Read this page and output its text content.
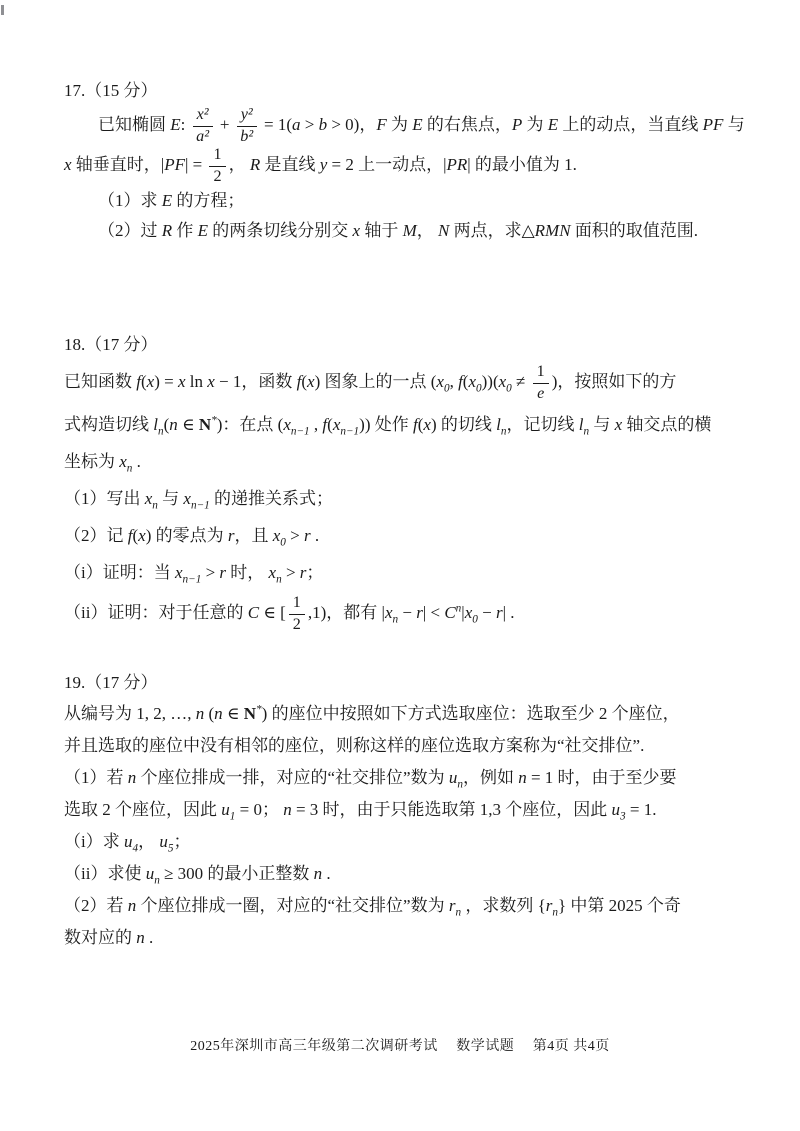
17.（15 分）
已知椭圆 E: $\frac{\text{x²}}{\text{a²}} + \frac{\text{y²}}{\text{b²}} = 1(a > b > 0)$，F 为 E 的右焦点，P 为 E 上的动点，当直线 PF 与
x 轴垂直时，$|PF| = \frac{1}{2}$ ， R 是直线 y = 2 上一动点，|PR| 的最小值为 1.
（1）求 E 的方程；
（2）过 R 作 E 的两条切线分别交 x 轴于 M， N 两点，求△RMN 面积的取值范围.
18.（17 分）
已知函数 f(x) = x ln x − 1，函数 f(x) 图象上的一点 ($x_0$, $f(x_0))(x_0 \ne \frac{1}{e}$ )，按照如下的方
式构造切线 $l_n(n$ ∈ N*)：在点 ($x_{n-1}$ , $f(x_{n-1})$) 处作 f(x) 的切线 $l_n$，记切线 $l_n$ 与 x 轴交点的横
坐标为 $x_n$ .
（1）写出 $x_n$ 与 $x_{n-1}$ 的递推关系式；
（2）记 f(x) 的零点为 r，且 $x_0 > r$ .
（i）证明：当 $x_{n-1} > r$ 时， $x_n > r$；
（ii）证明：对于任意的 C ∈ [ $\frac{1}{2} ,1$)，都有 $|x_n - r| < C^n|x_0 - r|$ .
19.（17 分）
从编号为 1, 2, …, n (n ∈ N*) 的座位中按照如下方式选取座位：选取至少 2 个座位，
并且选取的座位中没有相邻的座位，则称这样的座位选取方案称为“社交排位”.
（1）若 n 个座位排成一排，对应的“社交排位”数为 $u_n$，例如 n = 1 时，由于至少要
选取 2 个座位，因此 $u_1 = 0$； n = 3 时，由于只能选取第 1,3 个座位，因此 $u_3 = 1$.
（i）求 $u_4$， $u_5$；
（ii）求使 $u_n \ge 300$ 的最小正整数 n .
（2）若 n 个座位排成一圈，对应的“社交排位”数为 $r_n$ ，求数列 $\{r_n\}$ 中第 2025 个奇
数对应的 n .
2025年深圳市高三年级第二次调研考试　 数学试题 　第4页 共4页
